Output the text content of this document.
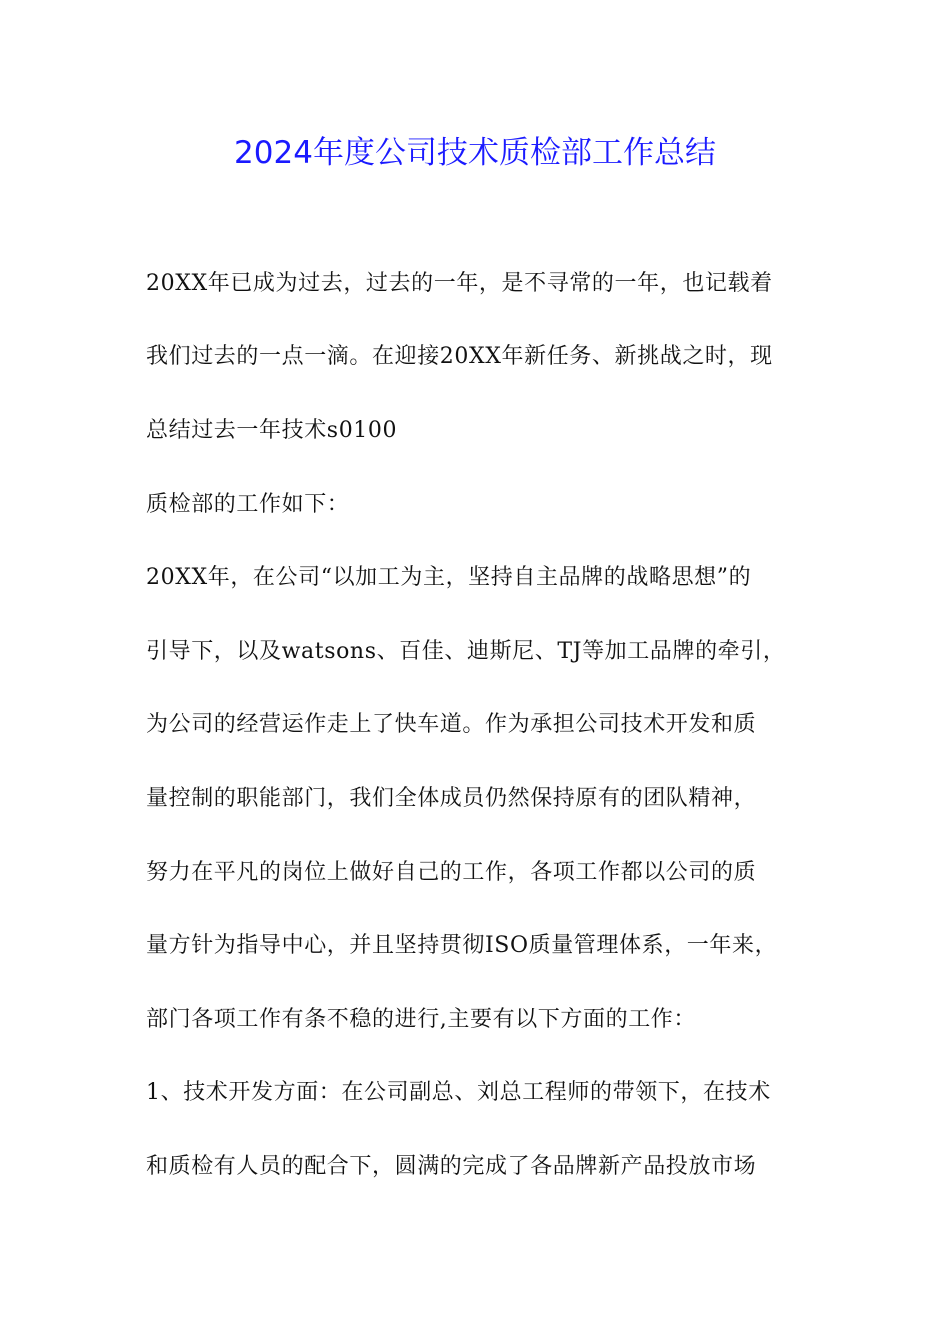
2024年度公司技术质检部工作总结
20XX年已成为过去，过去的一年，是不寻常的一年，也记载着
我们过去的一点一滴。在迎接20XX年新任务、新挑战之时，现
总结过去一年技术s0100
质检部的工作如下：
20XX年，在公司“以加工为主，坚持自主品牌的战略思想”的
引导下，以及watsons、百佳、迪斯尼、TJ等加工品牌的牵引，
为公司的经营运作走上了快车道。作为承担公司技术开发和质
量控制的职能部门，我们全体成员仍然保持原有的团队精神，
努力在平凡的岗位上做好自己的工作，各项工作都以公司的质
量方针为指导中心，并且坚持贯彻ISO质量管理体系，一年来，
部门各项工作有条不稳的进行,主要有以下方面的工作：
1、技术开发方面：在公司副总、刘总工程师的带领下，在技术
和质检有人员的配合下，圆满的完成了各品牌新产品投放市场
